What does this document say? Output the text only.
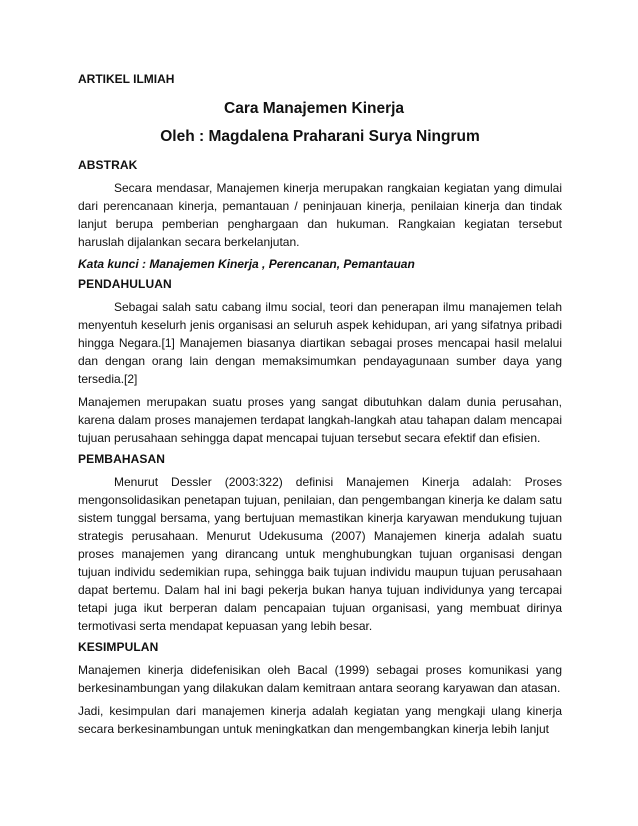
ARTIKEL ILMIAH
Cara Manajemen Kinerja
Oleh : Magdalena Praharani Surya Ningrum
ABSTRAK

Secara mendasar, Manajemen kinerja merupakan rangkaian kegiatan yang dimulai dari perencanaan kinerja, pemantauan / peninjauan kinerja, penilaian kinerja dan tindak lanjut berupa pemberian penghargaan dan hukuman. Rangkaian kegiatan tersebut haruslah dijalankan secara berkelanjutan.

Kata kunci : Manajemen Kinerja , Perencanan, Pemantauan
PENDAHULUAN

Sebagai salah satu cabang ilmu social, teori dan penerapan ilmu manajemen telah menyentuh keselurh jenis organisasi an seluruh aspek kehidupan, ari yang sifatnya pribadi hingga Negara.[1] Manajemen biasanya diartikan sebagai proses mencapai hasil melalui dan dengan orang lain dengan memaksimumkan pendayagunaan sumber daya yang tersedia.[2]

Manajemen merupakan suatu proses yang sangat dibutuhkan dalam dunia perusahan, karena dalam proses manajemen terdapat langkah-langkah atau tahapan dalam mencapai tujuan perusahaan sehingga dapat mencapai tujuan tersebut secara efektif dan efisien.

PEMBAHASAN

Menurut Dessler (2003:322) definisi Manajemen Kinerja adalah: Proses mengonsolidasikan penetapan tujuan, penilaian, dan pengembangan kinerja ke dalam satu sistem tunggal bersama, yang bertujuan memastikan kinerja karyawan mendukung tujuan strategis perusahaan. Menurut Udekusuma (2007) Manajemen kinerja adalah suatu proses manajemen yang dirancang untuk menghubungkan tujuan organisasi dengan tujuan individu sedemikian rupa, sehingga baik tujuan individu maupun tujuan perusahaan dapat bertemu. Dalam hal ini bagi pekerja bukan hanya tujuan individunya yang tercapai tetapi juga ikut berperan dalam pencapaian tujuan organisasi, yang membuat dirinya termotivasi serta mendapat kepuasan yang lebih besar.

KESIMPULAN

Manajemen kinerja didefenisikan oleh Bacal (1999) sebagai proses komunikasi yang berkesinambungan yang dilakukan dalam kemitraan antara seorang karyawan dan atasan.

Jadi, kesimpulan dari manajemen kinerja adalah kegiatan yang mengkaji ulang kinerja secara berkesinambungan untuk meningkatkan dan mengembangkan kinerja lebih lanjut
